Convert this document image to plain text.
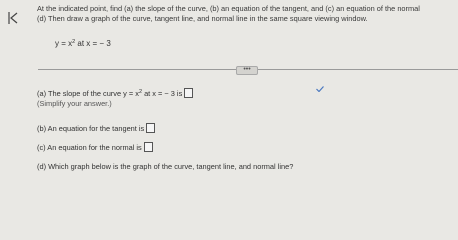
At the indicated point, find (a) the slope of the curve, (b) an equation of the tangent, and (c) an equation of the normal
(d) Then draw a graph of the curve, tangent line, and normal line in the same square viewing window.
$y = x^2$ at x = − 3
•••
(a) The slope of the curve $y = x^2$ at x = − 3 is
(Simplify your answer.)
(b) An equation for the tangent is
(c) An equation for the normal is
(d) Which graph below is the graph of the curve, tangent line, and normal line?
